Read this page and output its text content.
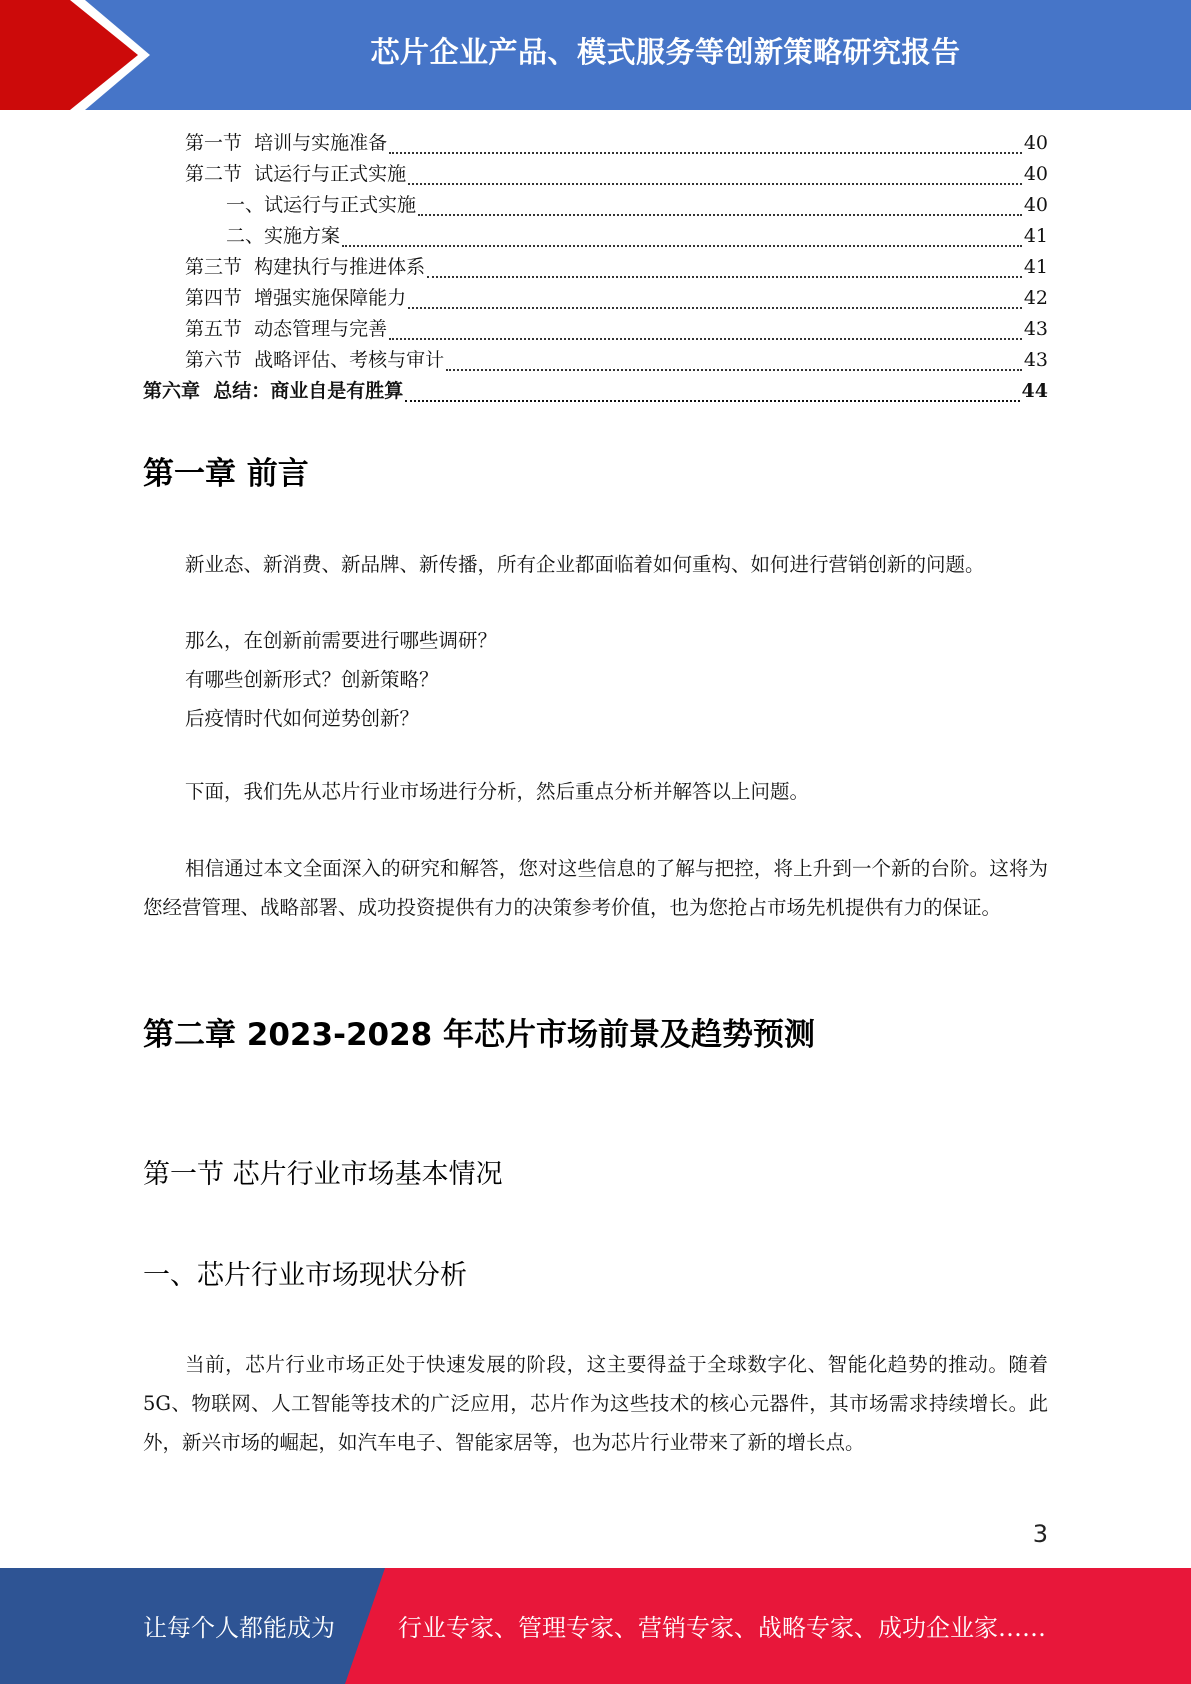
芯片企业产品、模式服务等创新策略研究报告
第一节  培训与实施准备	40
第二节  试运行与正式实施	40
一、试运行与正式实施	40
二、实施方案	41
第三节  构建执行与推进体系	41
第四节  增强实施保障能力	42
第五节  动态管理与完善	43
第六节  战略评估、考核与审计	43
第六章  总结：商业自是有胜算	44
第一章 前言
新业态、新消费、新品牌、新传播，所有企业都面临着如何重构、如何进行营销创新的问题。
那么，在创新前需要进行哪些调研？
有哪些创新形式？创新策略？
后疫情时代如何逆势创新？
下面，我们先从芯片行业市场进行分析，然后重点分析并解答以上问题。
相信通过本文全面深入的研究和解答，您对这些信息的了解与把控，将上升到一个新的台阶。这将为您经营管理、战略部署、成功投资提供有力的决策参考价值，也为您抢占市场先机提供有力的保证。
第二章 2023-2028 年芯片市场前景及趋势预测
第一节 芯片行业市场基本情况
一、芯片行业市场现状分析
当前，芯片行业市场正处于快速发展的阶段，这主要得益于全球数字化、智能化趋势的推动。随着 5G、物联网、人工智能等技术的广泛应用，芯片作为这些技术的核心元器件，其市场需求持续增长。此外，新兴市场的崛起，如汽车电子、智能家居等，也为芯片行业带来了新的增长点。
3
让每个人都能成为	行业专家、管理专家、营销专家、战略专家、成功企业家……
